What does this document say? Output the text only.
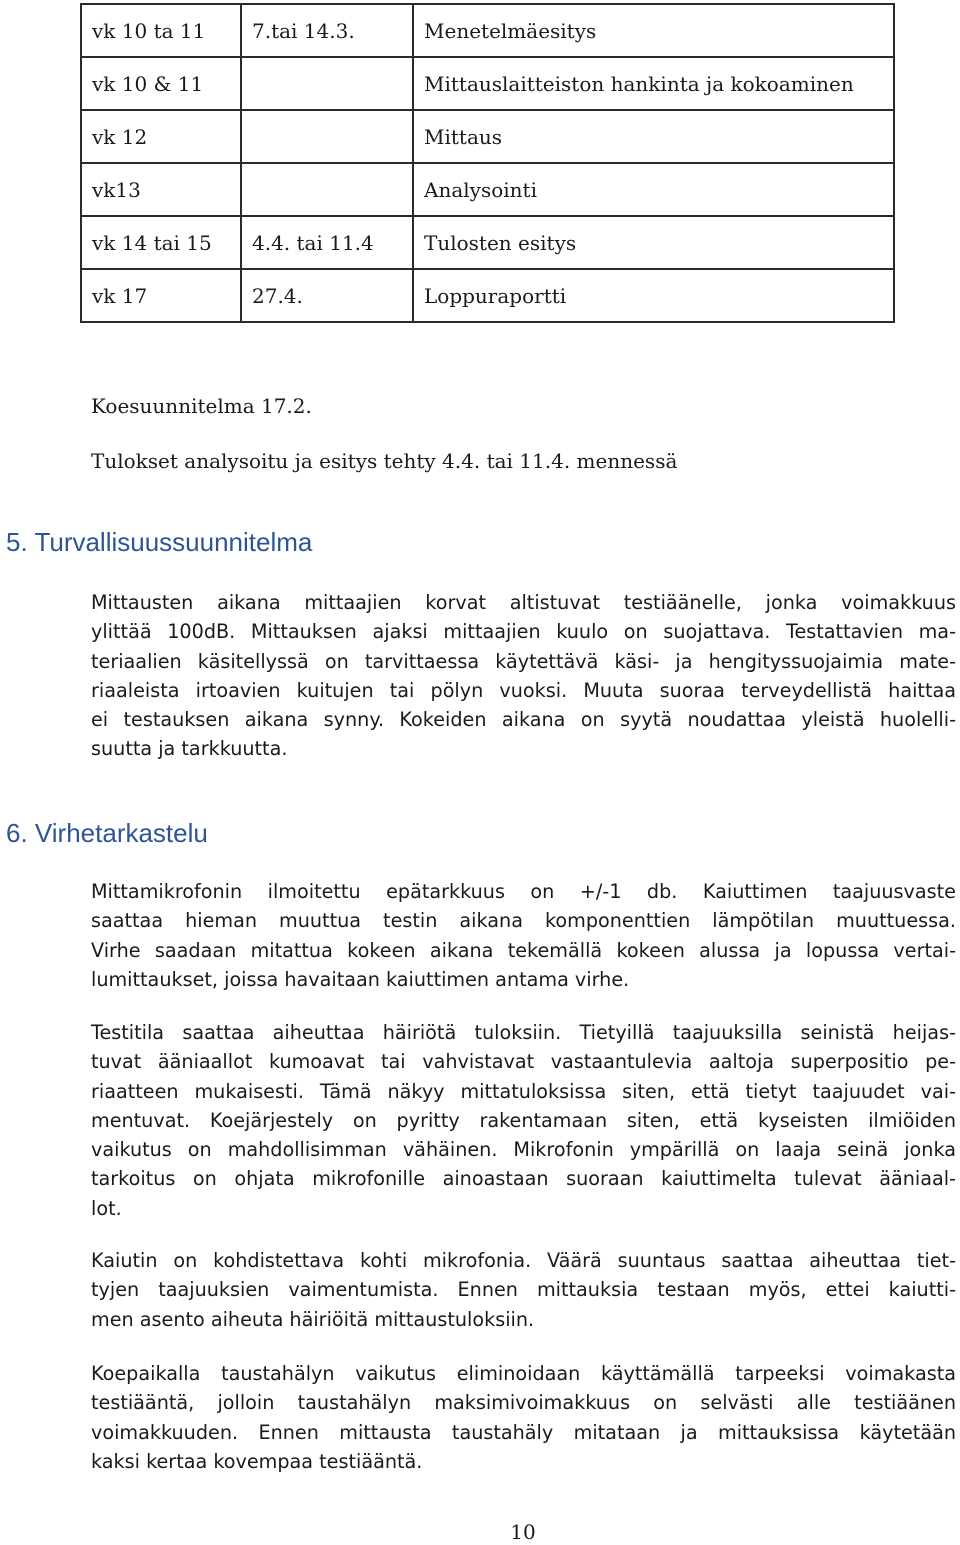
vk 10 ta 11	7.tai 14.3.	Menetelmäesitys
vk 10 & 11		Mittauslaitteiston hankinta ja kokoaminen
vk 12		Mittaus
vk13		Analysointi
vk 14 tai 15	4.4. tai 11.4	Tulosten esitys
vk 17	27.4.	Loppuraportti
Koesuunnitelma 17.2.
Tulokset analysoitu ja esitys tehty 4.4. tai 11.4. mennessä
5. Turvallisuussuunnitelma
Mittausten aikana mittaajien korvat altistuvat testiäänelle, jonka voimakkuus
ylittää 100dB. Mittauksen ajaksi mittaajien kuulo on suojattava. Testattavien ma-
teriaalien käsitellyssä on tarvittaessa käytettävä käsi- ja hengityssuojaimia mate-
riaaleista irtoavien kuitujen tai pölyn vuoksi. Muuta suoraa terveydellistä haittaa
ei testauksen aikana synny. Kokeiden aikana on syytä noudattaa yleistä huolelli-
suutta ja tarkkuutta.
6. Virhetarkastelu
Mittamikrofonin ilmoitettu epätarkkuus on +/-1 db. Kaiuttimen taajuusvaste
saattaa hieman muuttua testin aikana komponenttien lämpötilan muuttuessa.
Virhe saadaan mitattua kokeen aikana tekemällä kokeen alussa ja lopussa vertai-
lumittaukset, joissa havaitaan kaiuttimen antama virhe.
Testitila saattaa aiheuttaa häiriötä tuloksiin. Tietyillä taajuuksilla seinistä heijas-
tuvat ääniaallot kumoavat tai vahvistavat vastaantulevia aaltoja superpositio pe-
riaatteen mukaisesti. Tämä näkyy mittatuloksissa siten, että tietyt taajuudet vai-
mentuvat. Koejärjestely on pyritty rakentamaan siten, että kyseisten ilmiöiden
vaikutus on mahdollisimman vähäinen. Mikrofonin ympärillä on laaja seinä jonka
tarkoitus on ohjata mikrofonille ainoastaan suoraan kaiuttimelta tulevat ääniaal-
lot.
Kaiutin on kohdistettava kohti mikrofonia. Väärä suuntaus saattaa aiheuttaa tiet-
tyjen taajuuksien vaimentumista. Ennen mittauksia testaan myös, ettei kaiutti-
men asento aiheuta häiriöitä mittaustuloksiin.
Koepaikalla taustahälyn vaikutus eliminoidaan käyttämällä tarpeeksi voimakasta
testiääntä, jolloin taustahälyn maksimivoimakkuus on selvästi alle testiäänen
voimakkuuden. Ennen mittausta taustahäly mitataan ja mittauksissa käytetään
kaksi kertaa kovempaa testiääntä.
10
